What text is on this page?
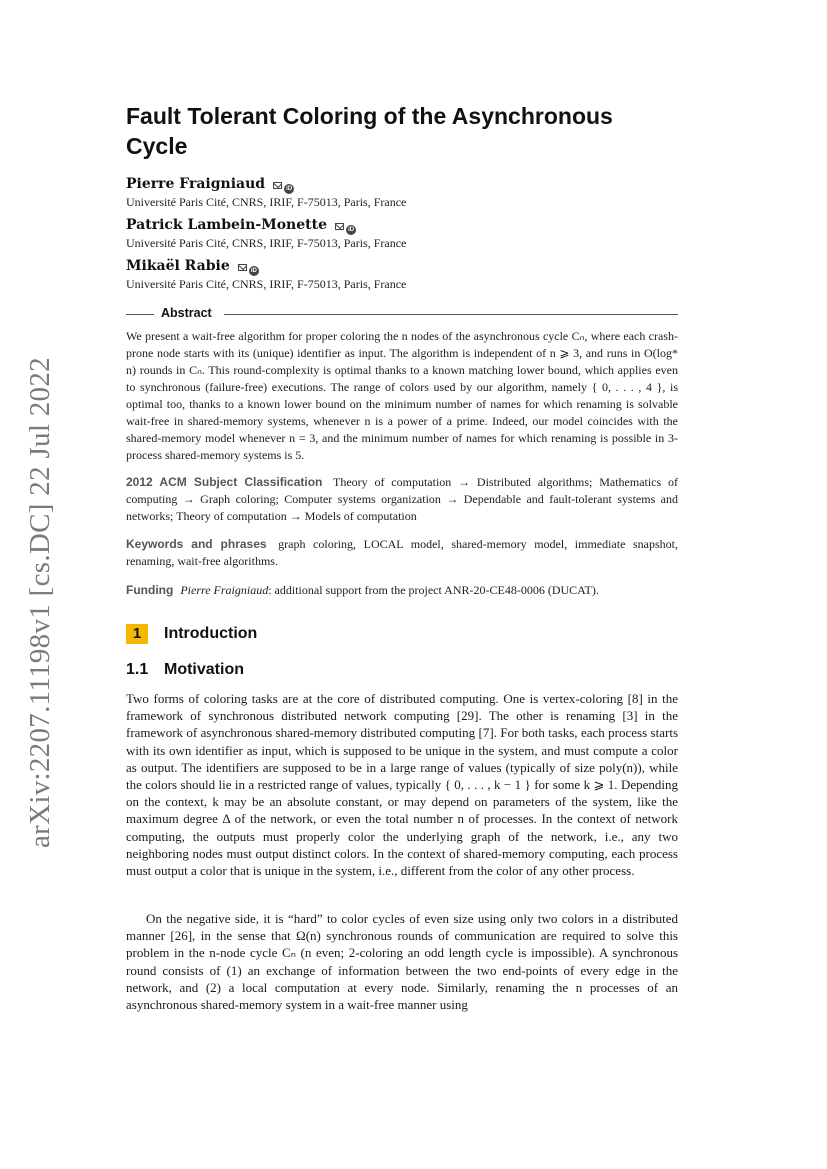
arXiv:2207.11198v1 [cs.DC] 22 Jul 2022
Fault Tolerant Coloring of the Asynchronous Cycle
Pierre Fraigniaud	iD
Université Paris Cité, CNRS, IRIF, F-75013, Paris, France
Patrick Lambein-Monette	iD
Université Paris Cité, CNRS, IRIF, F-75013, Paris, France
Mikaël Rabie	iD
Université Paris Cité, CNRS, IRIF, F-75013, Paris, France
Abstract

We present a wait-free algorithm for proper coloring the n nodes of the asynchronous cycle Cₙ, where each crash-prone node starts with its (unique) identifier as input. The algorithm is independent of n ⩾ 3, and runs in O(log* n) rounds in Cₙ. This round-complexity is optimal thanks to a known matching lower bound, which applies even to synchronous (failure-free) executions. The range of colors used by our algorithm, namely { 0, . . . , 4 }, is optimal too, thanks to a known lower bound on the minimum number of names for which renaming is solvable wait-free in shared-memory systems, whenever n is a power of a prime. Indeed, our model coincides with the shared-memory model whenever n = 3, and the minimum number of names for which renaming is possible in 3-process shared-memory systems is 5.

2012 ACM Subject Classification Theory of computation → Distributed algorithms; Mathematics of computing → Graph coloring; Computer systems organization → Dependable and fault-tolerant systems and networks; Theory of computation → Models of computation

Keywords and phrases graph coloring, LOCAL model, shared-memory model, immediate snapshot, renaming, wait-free algorithms.

Funding Pierre Fraigniaud: additional support from the project ANR-20-CE48-0006 (DUCAT).

1	Introduction
1.1 Motivation

Two forms of coloring tasks are at the core of distributed computing. One is vertex-coloring [8] in the framework of synchronous distributed network computing [29]. The other is renaming [3] in the framework of asynchronous shared-memory distributed computing [7]. For both tasks, each process starts with its own identifier as input, which is supposed to be unique in the system, and must compute a color as output. The identifiers are supposed to be in a large range of values (typically of size poly(n)), while the colors should lie in a restricted range of values, typically { 0, . . . , k − 1 } for some k ⩾ 1. Depending on the context, k may be an absolute constant, or may depend on parameters of the system, like the maximum degree Δ of the network, or even the total number n of processes. In the context of network computing, the outputs must properly color the underlying graph of the network, i.e., any two neighboring nodes must output distinct colors. In the context of shared-memory computing, each process must output a color that is unique in the system, i.e., different from the color of any other process.

On the negative side, it is “hard” to color cycles of even size using only two colors in a distributed manner [26], in the sense that Ω(n) synchronous rounds of communication are required to solve this problem in the n-node cycle Cₙ (n even; 2-coloring an odd length cycle is impossible). A synchronous round consists of (1) an exchange of information between the two end-points of every edge in the network, and (2) a local computation at every node. Similarly, renaming the n processes of an asynchronous shared-memory system in a wait-free manner using
